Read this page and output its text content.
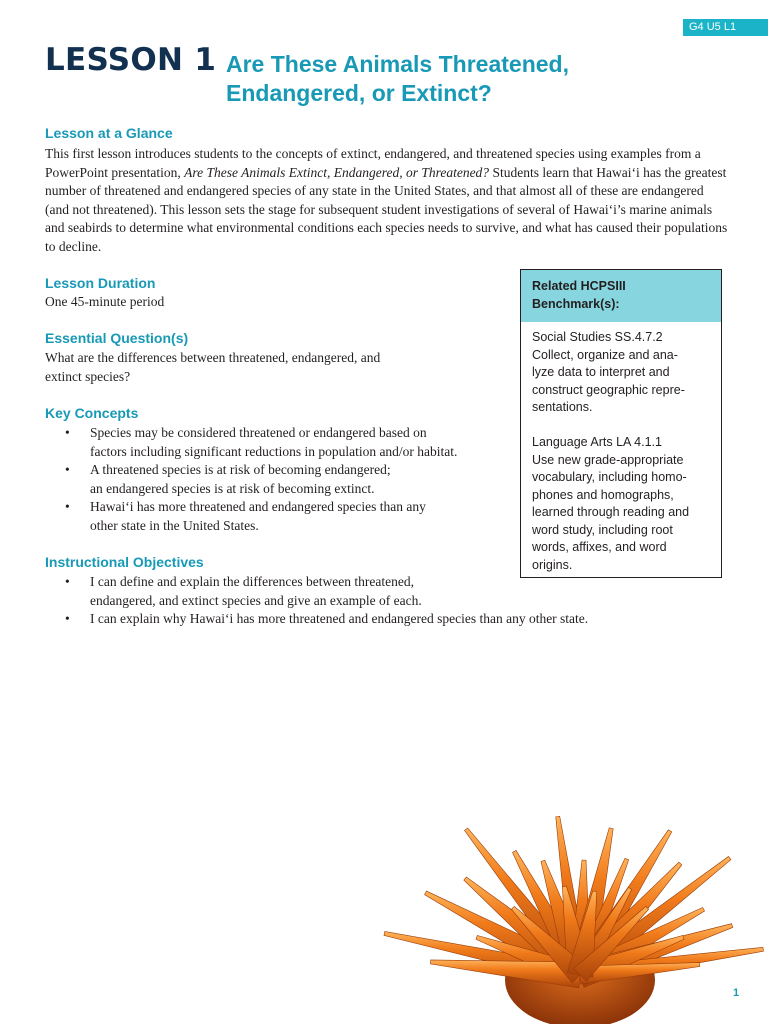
G4 U5 L1
LESSON 1 Are These Animals Threatened,
Endangered, or Extinct?
Lesson at a Glance
This first lesson introduces students to the concepts of extinct, endangered, and threatened species using examples from a PowerPoint presentation, Are These Animals Extinct, Endangered, or Threatened? Students learn that Hawai‘i has the greatest number of threatened and endangered species of any state in the United States, and that almost all of these are endangered (and not threatened). This lesson sets the stage for subsequent student investigations of several of Hawai‘i’s marine animals and seabirds to determine what environmental conditions each species needs to survive, and what has caused their populations to decline.
Lesson Duration
One 45-minute period
Essential Question(s)
What are the differences between threatened, endangered, and
extinct species?
Key Concepts
• Species may be considered threatened or endangered based on
factors including significant reductions in population and/or habitat.
• A threatened species is at risk of becoming endangered;
an endangered species is at risk of becoming extinct.
• Hawai‘i has more threatened and endangered species than any
other state in the United States.
Instructional Objectives
• I can define and explain the differences between threatened,
endangered, and extinct species and give an example of each.
• I can explain why Hawai‘i has more threatened and endangered species than any other state.
Related HCPSIII
Benchmark(s):

Social Studies SS.4.7.2
Collect, organize and ana-
lyze data to interpret and
construct geographic repre-
sentations.

Language Arts LA 4.1.1
Use new grade-appropriate
vocabulary, including homo-
phones and homographs,
learned through reading and
word study, including root
words, affixes, and word
origins.

1
